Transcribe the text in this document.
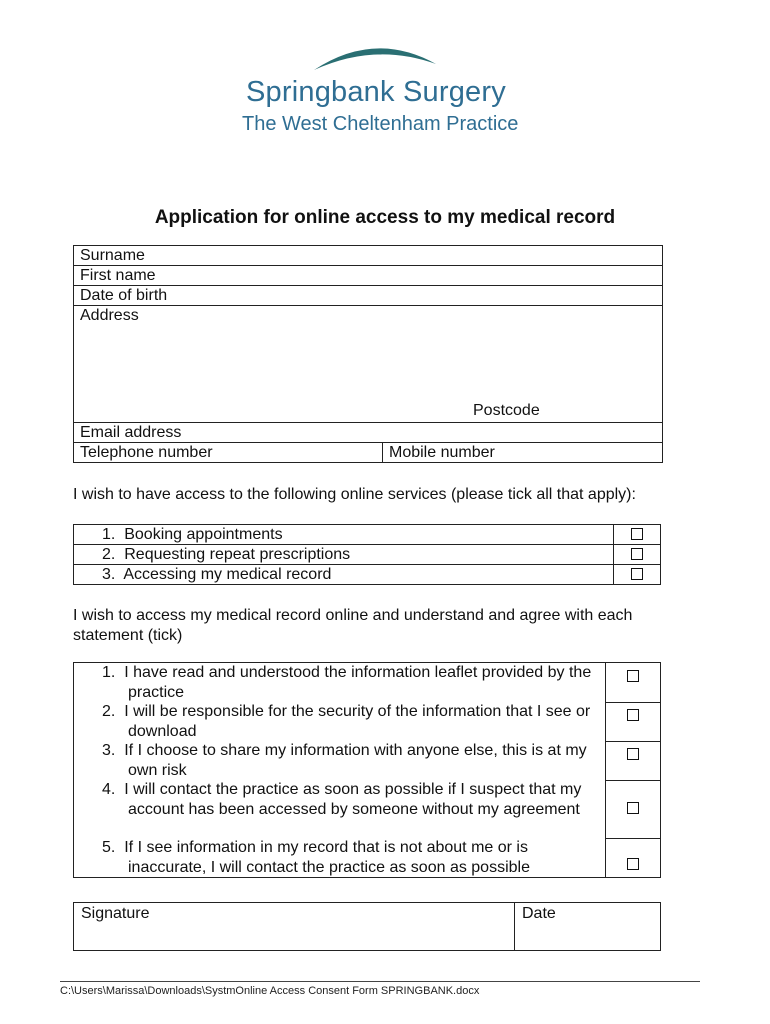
Springbank Surgery
The West Cheltenham Practice
Application for online access to my medical record
Surname
First name
Date of birth

Address
Postcode

Email address
Telephone number	Mobile number
I wish to have access to the following online services (please tick all that apply):
1. Booking appointments	
2. Requesting repeat prescriptions	
3. Accessing my medical record	
I wish to access my medical record online and understand and agree with each statement (tick)
1. I have read and understood the information leaflet provided by the practice	

2. I will be responsible for the security of the information that I see or download	

3. If I choose to share my information with anyone else, this is at my own risk	

4. I will contact the practice as soon as possible if I suspect that my account has been accessed by someone without my agreement	

5. If I see information in my record that is not about me or is inaccurate, I will contact the practice as soon as possible	

Signature	Date
C:\Users\Marissa\Downloads\SystmOnline Access Consent Form SPRINGBANK.docx
